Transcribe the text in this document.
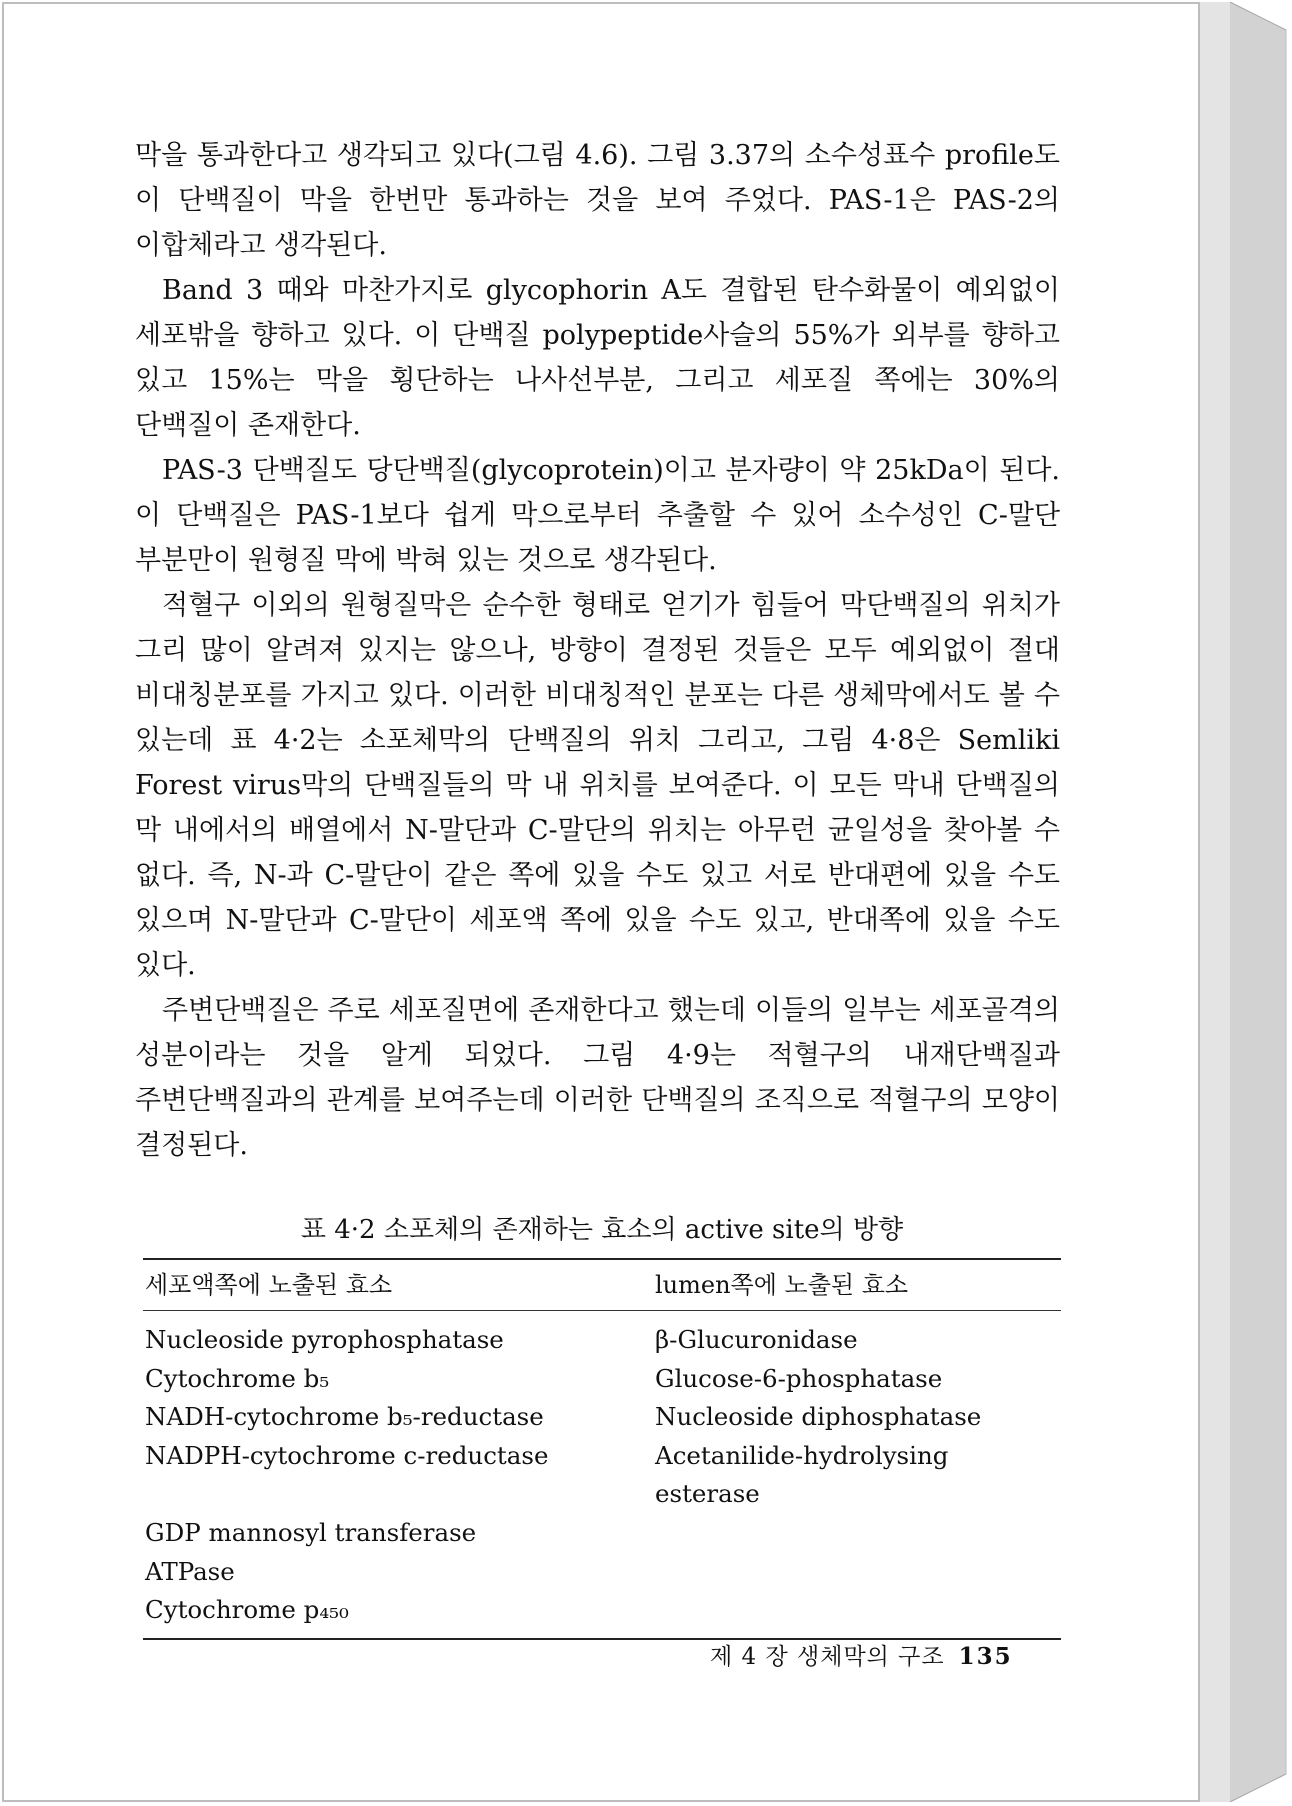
막을 통과한다고 생각되고 있다(그림 4.6). 그림 3.37의 소수성표수 profile도 이 단백질이 막을 한번만 통과하는 것을 보여 주었다. PAS-1은 PAS-2의 이합체라고 생각된다.

Band 3 때와 마찬가지로 glycophorin A도 결합된 탄수화물이 예외없이 세포밖을 향하고 있다. 이 단백질 polypeptide사슬의 55%가 외부를 향하고 있고 15%는 막을 횡단하는 나사선부분, 그리고 세포질 쪽에는 30%의 단백질이 존재한다.

PAS-3 단백질도 당단백질(glycoprotein)이고 분자량이 약 25kDa이 된다. 이 단백질은 PAS-1보다 쉽게 막으로부터 추출할 수 있어 소수성인 C-말단 부분만이 원형질 막에 박혀 있는 것으로 생각된다.

적혈구 이외의 원형질막은 순수한 형태로 얻기가 힘들어 막단백질의 위치가 그리 많이 알려져 있지는 않으나, 방향이 결정된 것들은 모두 예외없이 절대 비대칭분포를 가지고 있다. 이러한 비대칭적인 분포는 다른 생체막에서도 볼 수 있는데 표 4·2는 소포체막의 단백질의 위치 그리고, 그림 4·8은 Semliki Forest virus막의 단백질들의 막 내 위치를 보여준다. 이 모든 막내 단백질의 막 내에서의 배열에서 N-말단과 C-말단의 위치는 아무런 균일성을 찾아볼 수 없다. 즉, N-과 C-말단이 같은 쪽에 있을 수도 있고 서로 반대편에 있을 수도 있으며 N-말단과 C-말단이 세포액 쪽에 있을 수도 있고, 반대쪽에 있을 수도 있다.

주변단백질은 주로 세포질면에 존재한다고 했는데 이들의 일부는 세포골격의 성분이라는 것을 알게 되었다. 그림 4·9는 적혈구의 내재단백질과 주변단백질과의 관계를 보여주는데 이러한 단백질의 조직으로 적혈구의 모양이 결정된다.

표 4·2 소포체의 존재하는 효소의 active site의 방향
세포액쪽에 노출된 효소	lumen쪽에 노출된 효소
Nucleoside pyrophosphatase	β-Glucuronidase
Cytochrome b₅	Glucose-6-phosphatase
NADH-cytochrome b₅-reductase	Nucleoside diphosphatase
NADPH-cytochrome c-reductase	Acetanilide-hydrolysing esterase
GDP mannosyl transferase
ATPase
Cytochrome p₄₅₀
제 4 장 생체막의 구조 135
